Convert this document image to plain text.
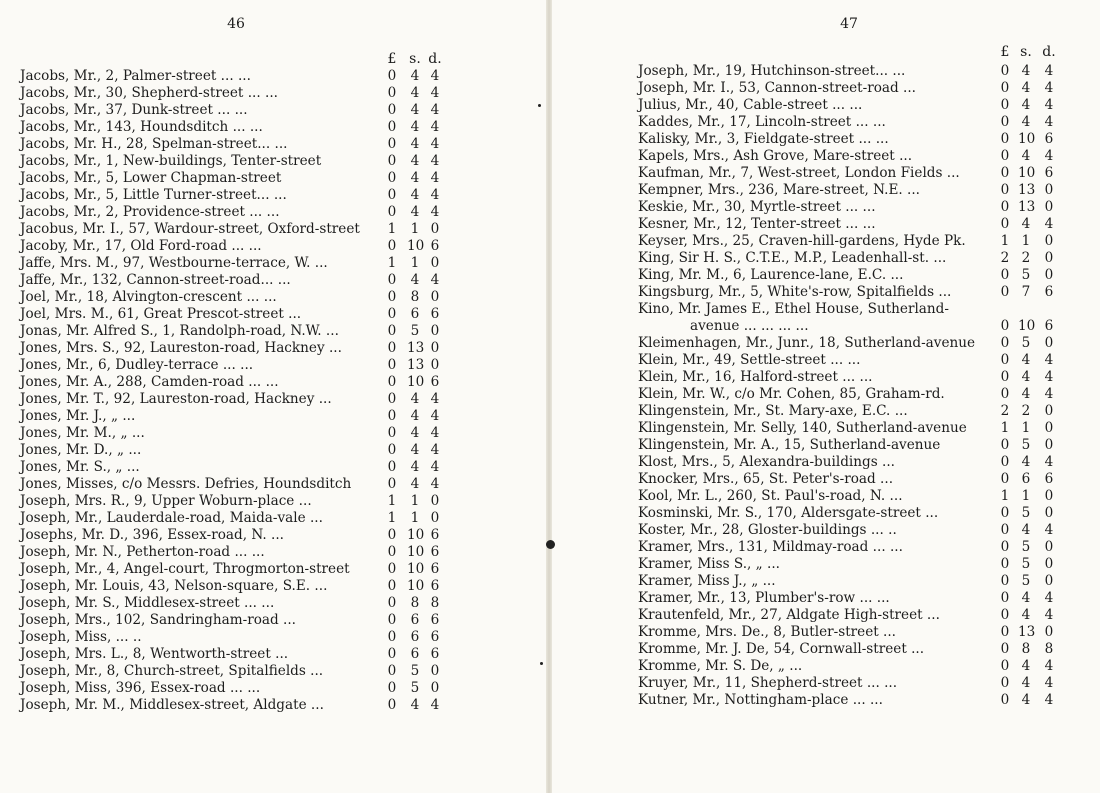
46
£ s. d.
Jacobs, Mr., 2, Palmer-street ... ...	0 4 4
Jacobs, Mr., 30, Shepherd-street ... ...	0 4 4
Jacobs, Mr., 37, Dunk-street ... ...	0 4 4
Jacobs, Mr., 143, Houndsditch ... ...	0 4 4
Jacobs, Mr. H., 28, Spelman-street... ...	0 4 4
Jacobs, Mr., 1, New-buildings, Tenter-street	0 4 4
Jacobs, Mr., 5, Lower Chapman-street	0 4 4
Jacobs, Mr., 5, Little Turner-street... ...	0 4 4
Jacobs, Mr., 2, Providence-street ... ...	0 4 4
Jacobus, Mr. I., 57, Wardour-street, Oxford-street 1 1 0
Jacoby, Mr., 17, Old Ford-road ... ...	0 10 6
Jaffe, Mrs. M., 97, Westbourne-terrace, W. ...	1 1 0
Jaffe, Mr., 132, Cannon-street-road... ...	0 4 4
Joel, Mr., 18, Alvington-crescent ... ...	0 8 0
Joel, Mrs. M., 61, Great Prescot-street ...	0 6 6
Jonas, Mr. Alfred S., 1, Randolph-road, N.W. ...	0 5 0
Jones, Mrs. S., 92, Laureston-road, Hackney ...	0 13 0
Jones, Mr., 6, Dudley-terrace ... ...	0 13 0
Jones, Mr. A., 288, Camden-road ... ...	0 10 6
Jones, Mr. T., 92, Laureston-road, Hackney ...	0 4 4
Jones, Mr. J., „ ...	0 4 4
Jones, Mr. M., „ ...	0 4 4
Jones, Mr. D., „ ...	0 4 4
Jones, Mr. S., „ ...	0 4 4
Jones, Misses, c/o Messrs. Defries, Houndsditch	0 4 4
Joseph, Mrs. R., 9, Upper Woburn-place ...	1 1 0
Joseph, Mr., Lauderdale-road, Maida-vale ...	1 1 0
Josephs, Mr. D., 396, Essex-road, N. ...	0 10 6
Joseph, Mr. N., Petherton-road ... ...	0 10 6
Joseph, Mr., 4, Angel-court, Throgmorton-street	0 10 6
Joseph, Mr. Louis, 43, Nelson-square, S.E. ...	0 10 6
Joseph, Mr. S., Middlesex-street ... ...	0 8 8
Joseph, Mrs., 102, Sandringham-road ...	0 6 6
Joseph, Miss, ... ..	0 6 6
Joseph, Mrs. L., 8, Wentworth-street ...	0 6 6
Joseph, Mr., 8, Church-street, Spitalfields ...	0 5 0
Joseph, Miss, 396, Essex-road ... ...	0 5 0
Joseph, Mr. M., Middlesex-street, Aldgate ...	0 4 4
47
£ s. d.
Joseph, Mr., 19, Hutchinson-street... ...	0 4 4
Joseph, Mr. I., 53, Cannon-street-road ...	0 4 4
Julius, Mr., 40, Cable-street ... ...	0 4 4
Kaddes, Mr., 17, Lincoln-street ... ...	0 4 4
Kalisky, Mr., 3, Fieldgate-street ... ...	0 10 6
Kapels, Mrs., Ash Grove, Mare-street ...	0 4 4
Kaufman, Mr., 7, West-street, London Fields ...	0 10 6
Kempner, Mrs., 236, Mare-street, N.E. ...	0 13 0
Keskie, Mr., 30, Myrtle-street ... ...	0 13 0
Kesner, Mr., 12, Tenter-street ... ...	0 4 4
Keyser, Mrs., 25, Craven-hill-gardens, Hyde Pk.	1 1 0
King, Sir H. S., C.T.E., M.P., Leadenhall-st. ...	2 2 0
King, Mr. M., 6, Laurence-lane, E.C. ...	0 5 0
Kingsburg, Mr., 5, White's-row, Spitalfields ...	0 7 6
Kino, Mr. James E., Ethel House, Sutherland-
avenue ... ... ... ...	0 10 6
Kleimenhagen, Mr., Junr., 18, Sutherland-avenue 0 5 0
Klein, Mr., 49, Settle-street ... ...	0 4 4
Klein, Mr., 16, Halford-street ... ...	0 4 4
Klein, Mr. W., c/o Mr. Cohen, 85, Graham-rd.	0 4 4
Klingenstein, Mr., St. Mary-axe, E.C. ...	2 2 0
Klingenstein, Mr. Selly, 140, Sutherland-avenue 1 1 0
Klingenstein, Mr. A., 15, Sutherland-avenue	0 5 0
Klost, Mrs., 5, Alexandra-buildings ...	0 4 4
Knocker, Mrs., 65, St. Peter's-road ...	0 6 6
Kool, Mr. L., 260, St. Paul's-road, N. ...	1 1 0
Kosminski, Mr. S., 170, Aldersgate-street ...	0 5 0
Koster, Mr., 28, Gloster-buildings ... ..	0 4 4
Kramer, Mrs., 131, Mildmay-road ... ...	0 5 0
Kramer, Miss S., „ ...	0 5 0
Kramer, Miss J., „ ...	0 5 0
Kramer, Mr., 13, Plumber's-row ... ...	0 4 4
Krautenfeld, Mr., 27, Aldgate High-street ...	0 4 4
Kromme, Mrs. De., 8, Butler-street ...	0 13 0
Kromme, Mr. J. De, 54, Cornwall-street ...	0 8 8
Kromme, Mr. S. De, „ ...	0 4 4
Kruyer, Mr., 11, Shepherd-street ... ...	0 4 4
Kutner, Mr., Nottingham-place ... ...	0 4 4
